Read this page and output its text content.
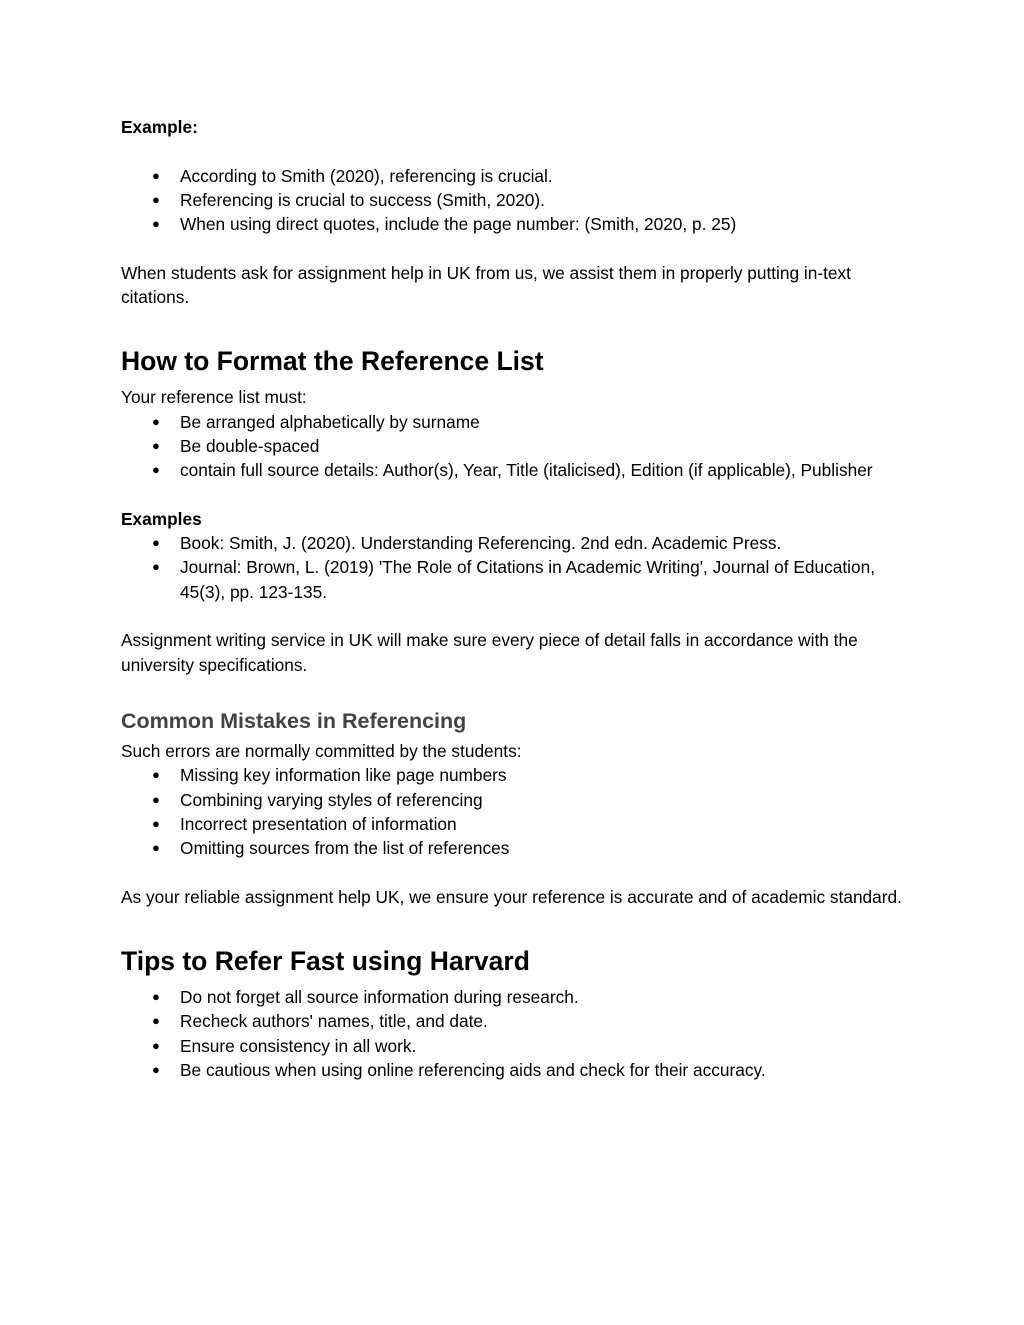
Example:

● According to Smith (2020), referencing is crucial.
● Referencing is crucial to success (Smith, 2020).
● When using direct quotes, include the page number: (Smith, 2020, p. 25)

When students ask for assignment help in UK from us, we assist them in properly putting in-text citations.

How to Format the Reference List

Your reference list must:

● Be arranged alphabetically by surname
● Be double-spaced
● contain full source details: Author(s), Year, Title (italicised), Edition (if applicable), Publisher

Examples

● Book: Smith, J. (2020). Understanding Referencing. 2nd edn. Academic Press.
● Journal: Brown, L. (2019) 'The Role of Citations in Academic Writing', Journal of Education, 45(3), pp. 123-135.

Assignment writing service in UK will make sure every piece of detail falls in accordance with the university specifications.

Common Mistakes in Referencing

Such errors are normally committed by the students:

● Missing key information like page numbers
● Combining varying styles of referencing
● Incorrect presentation of information
● Omitting sources from the list of references

As your reliable assignment help UK, we ensure your reference is accurate and of academic standard.

Tips to Refer Fast using Harvard
● Do not forget all source information during research.
● Recheck authors' names, title, and date.
● Ensure consistency in all work.
● Be cautious when using online referencing aids and check for their accuracy.
